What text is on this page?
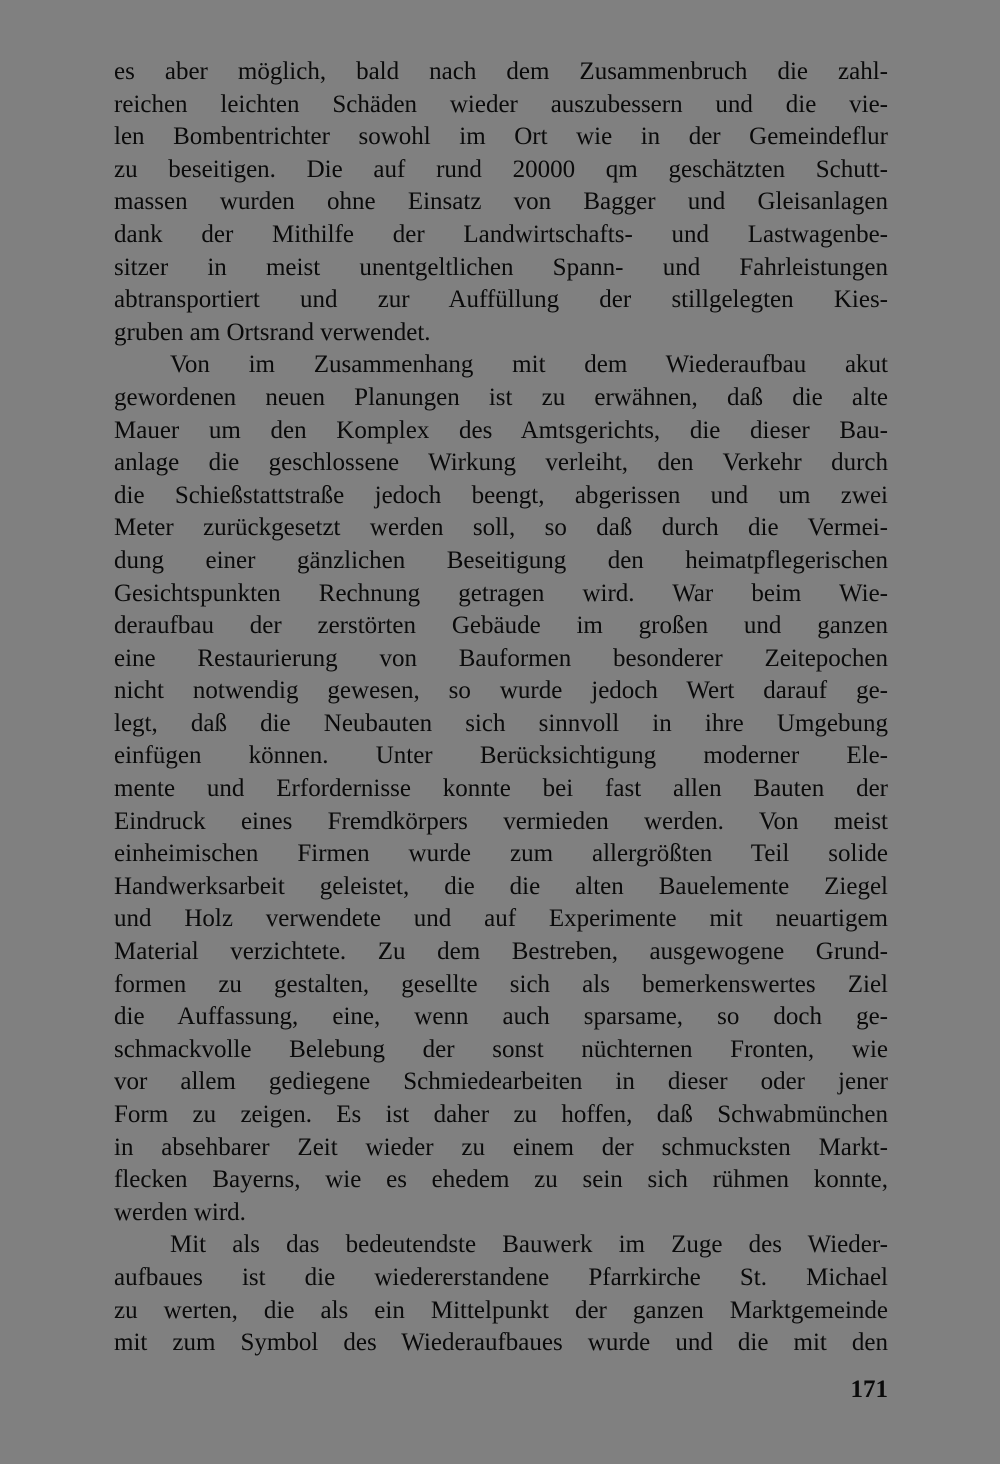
es aber möglich, bald nach dem Zusammenbruch die zahl-
reichen leichten Schäden wieder auszubessern und die vie-
len Bombentrichter sowohl im Ort wie in der Gemeindeflur
zu beseitigen. Die auf rund 20000 qm geschätzten Schutt-
massen wurden ohne Einsatz von Bagger und Gleisanlagen
dank der Mithilfe der Landwirtschafts- und Lastwagenbe-
sitzer in meist unentgeltlichen Spann- und Fahrleistungen
abtransportiert und zur Auffüllung der stillgelegten Kies-
gruben am Ortsrand verwendet.
Von im Zusammenhang mit dem Wiederaufbau akut
gewordenen neuen Planungen ist zu erwähnen, daß die alte
Mauer um den Komplex des Amtsgerichts, die dieser Bau-
anlage die geschlossene Wirkung verleiht, den Verkehr durch
die Schießstattstraße jedoch beengt, abgerissen und um zwei
Meter zurückgesetzt werden soll, so daß durch die Vermei-
dung einer gänzlichen Beseitigung den heimatpflegerischen
Gesichtspunkten Rechnung getragen wird. War beim Wie-
deraufbau der zerstörten Gebäude im großen und ganzen
eine Restaurierung von Bauformen besonderer Zeitepochen
nicht notwendig gewesen, so wurde jedoch Wert darauf ge-
legt, daß die Neubauten sich sinnvoll in ihre Umgebung
einfügen können. Unter Berücksichtigung moderner Ele-
mente und Erfordernisse konnte bei fast allen Bauten der
Eindruck eines Fremdkörpers vermieden werden. Von meist
einheimischen Firmen wurde zum allergrößten Teil solide
Handwerksarbeit geleistet, die die alten Bauelemente Ziegel
und Holz verwendete und auf Experimente mit neuartigem
Material verzichtete. Zu dem Bestreben, ausgewogene Grund-
formen zu gestalten, gesellte sich als bemerkenswertes Ziel
die Auffassung, eine, wenn auch sparsame, so doch ge-
schmackvolle Belebung der sonst nüchternen Fronten, wie
vor allem gediegene Schmiedearbeiten in dieser oder jener
Form zu zeigen. Es ist daher zu hoffen, daß Schwabmünchen
in absehbarer Zeit wieder zu einem der schmucksten Markt-
flecken Bayerns, wie es ehedem zu sein sich rühmen konnte,
werden wird.
Mit als das bedeutendste Bauwerk im Zuge des Wieder-
aufbaues ist die wiedererstandene Pfarrkirche St. Michael
zu werten, die als ein Mittelpunkt der ganzen Marktgemeinde
mit zum Symbol des Wiederaufbaues wurde und die mit den
171
